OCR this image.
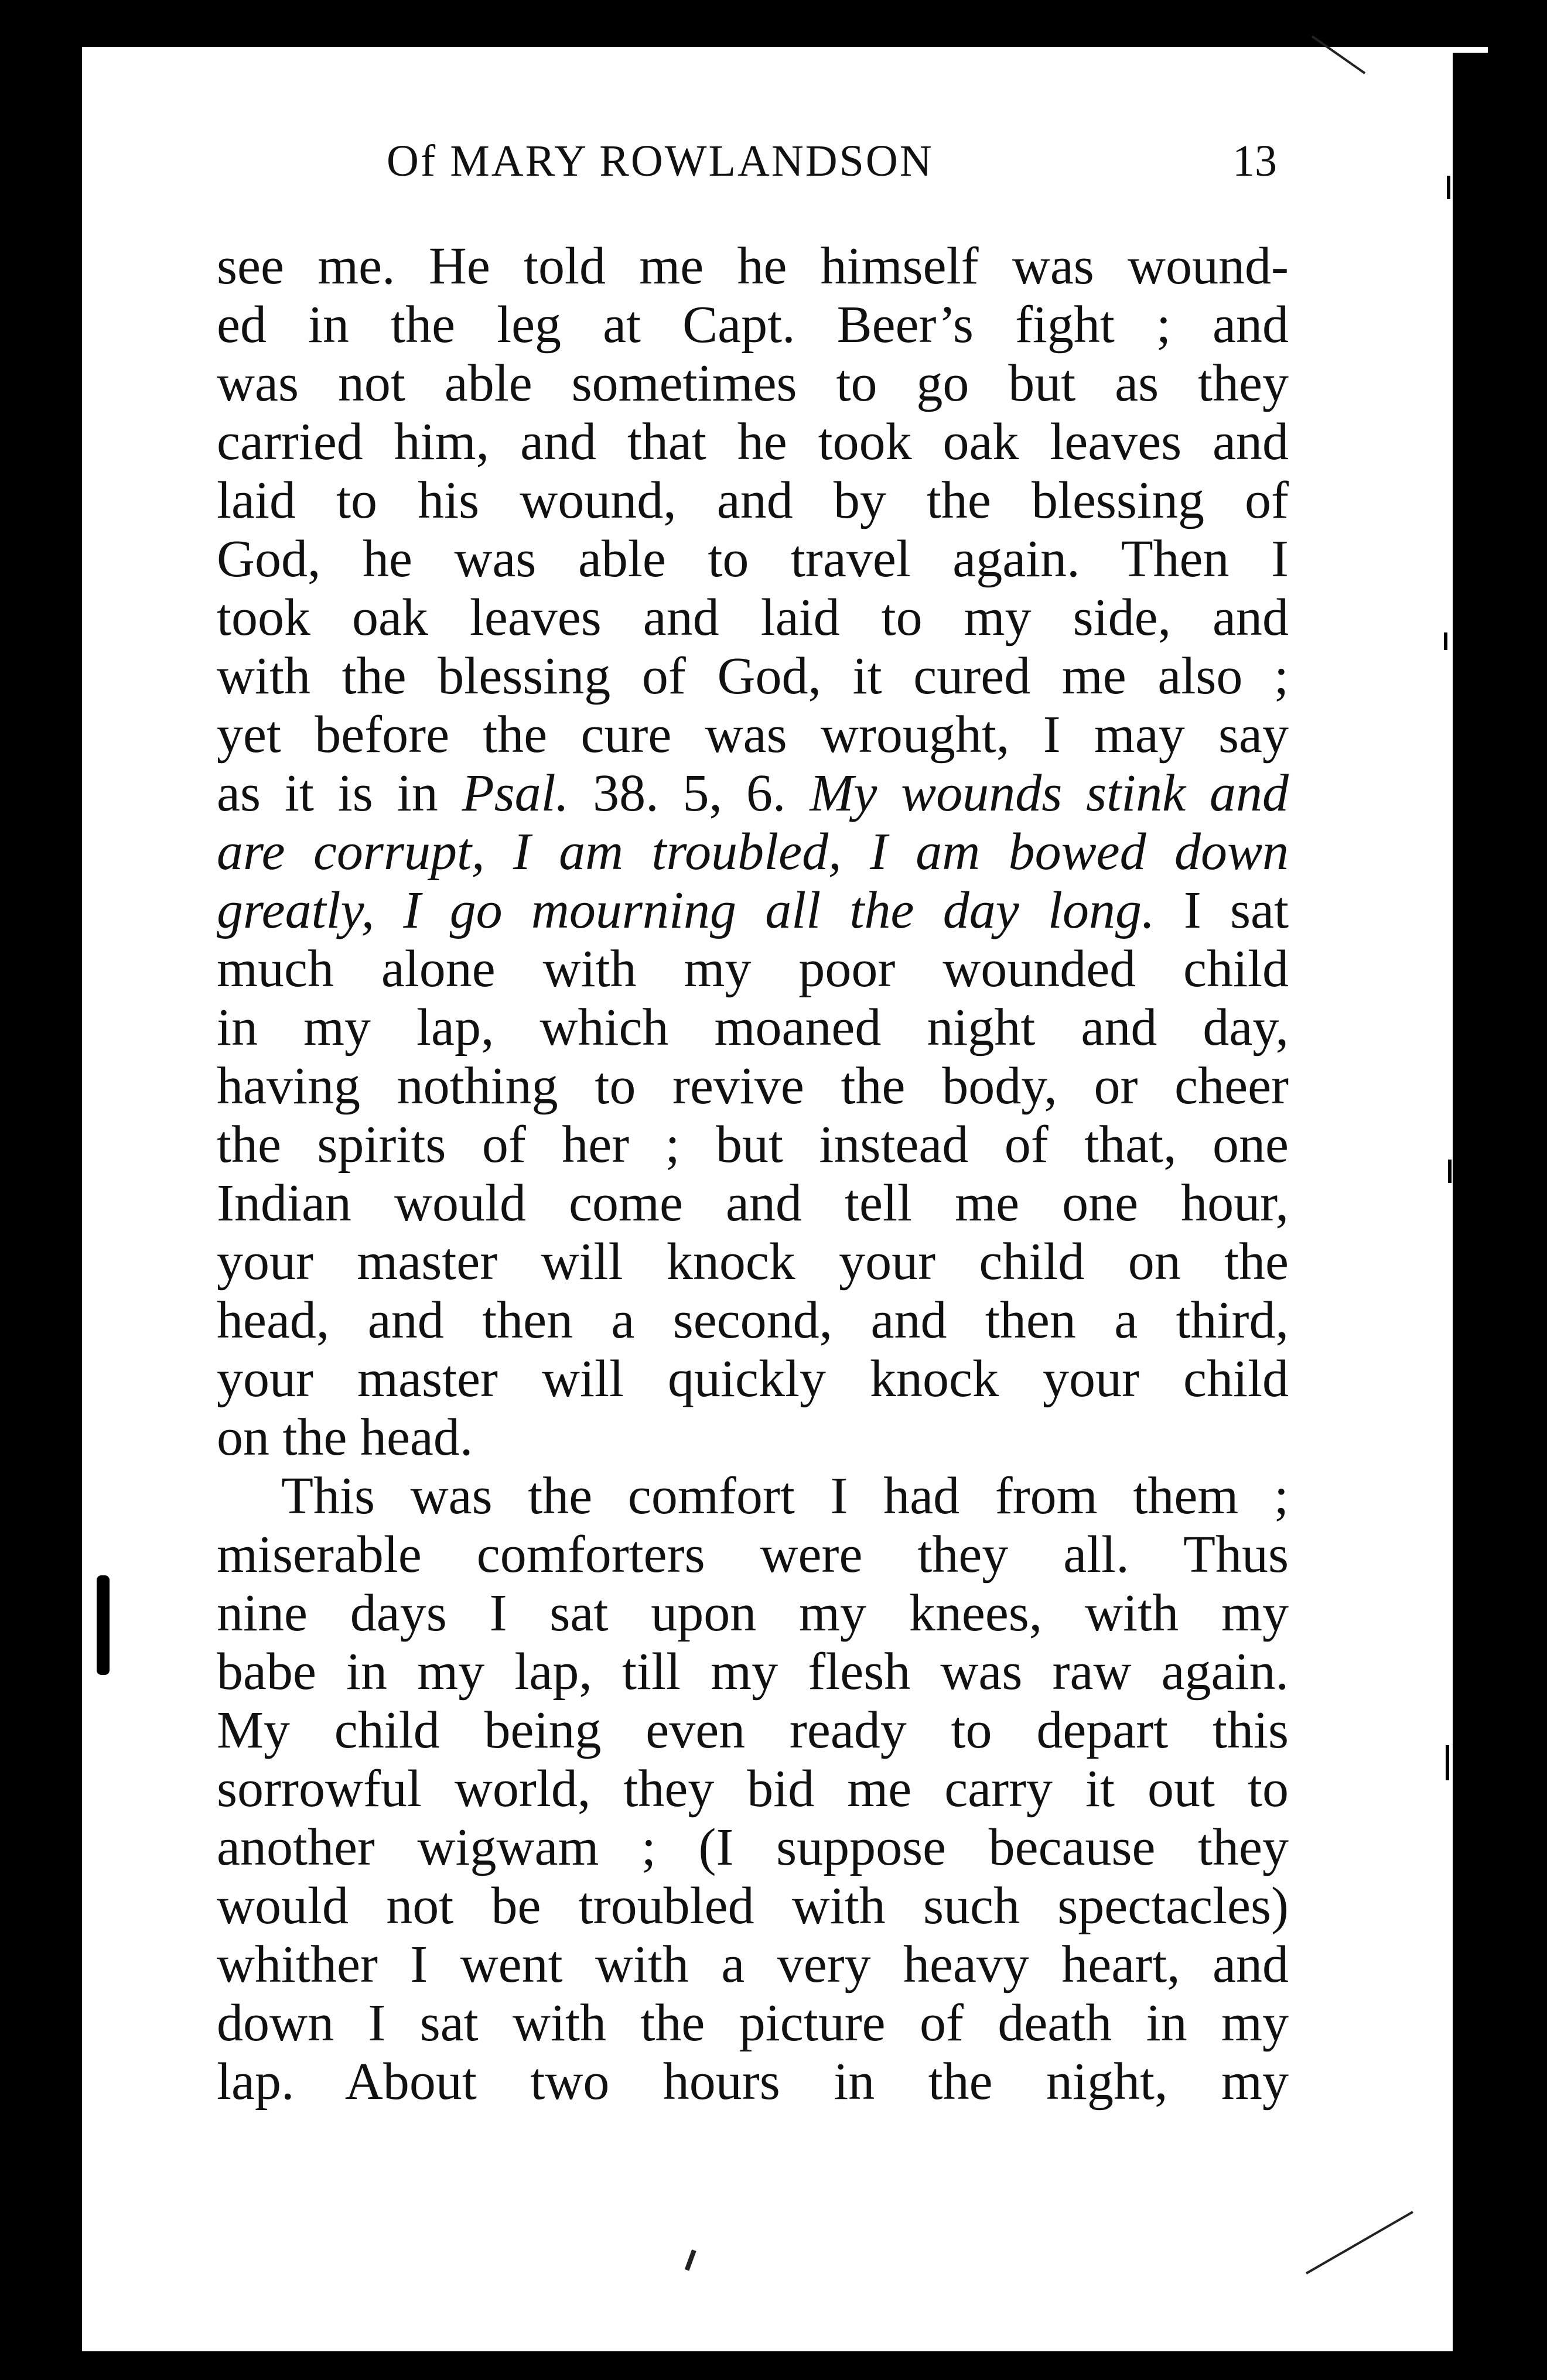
Of MARY ROWLANDSON	13
see me. He told me he himself was wound-
ed in the leg at Capt. Beer’s fight ; and
was not able sometimes to go but as they
carried him, and that he took oak leaves and
laid to his wound, and by the blessing of
God, he was able to travel again. Then I
took oak leaves and laid to my side, and
with the blessing of God, it cured me also ;
yet before the cure was wrought, I may say
as it is in Psal. 38. 5, 6. My wounds stink and
are corrupt, I am troubled, I am bowed down
greatly, I go mourning all the day long. I sat
much alone with my poor wounded child
in my lap, which moaned night and day,
having nothing to revive the body, or cheer
the spirits of her ; but instead of that, one
Indian would come and tell me one hour,
your master will knock your child on the
head, and then a second, and then a third,
your master will quickly knock your child
on the head.
This was the comfort I had from them ;
miserable comforters were they all. Thus
nine days I sat upon my knees, with my
babe in my lap, till my flesh was raw again.
My child being even ready to depart this
sorrowful world, they bid me carry it out to
another wigwam ; (I suppose because they
would not be troubled with such spectacles)
whither I went with a very heavy heart, and
down I sat with the picture of death in my
lap. About two hours in the night, my
